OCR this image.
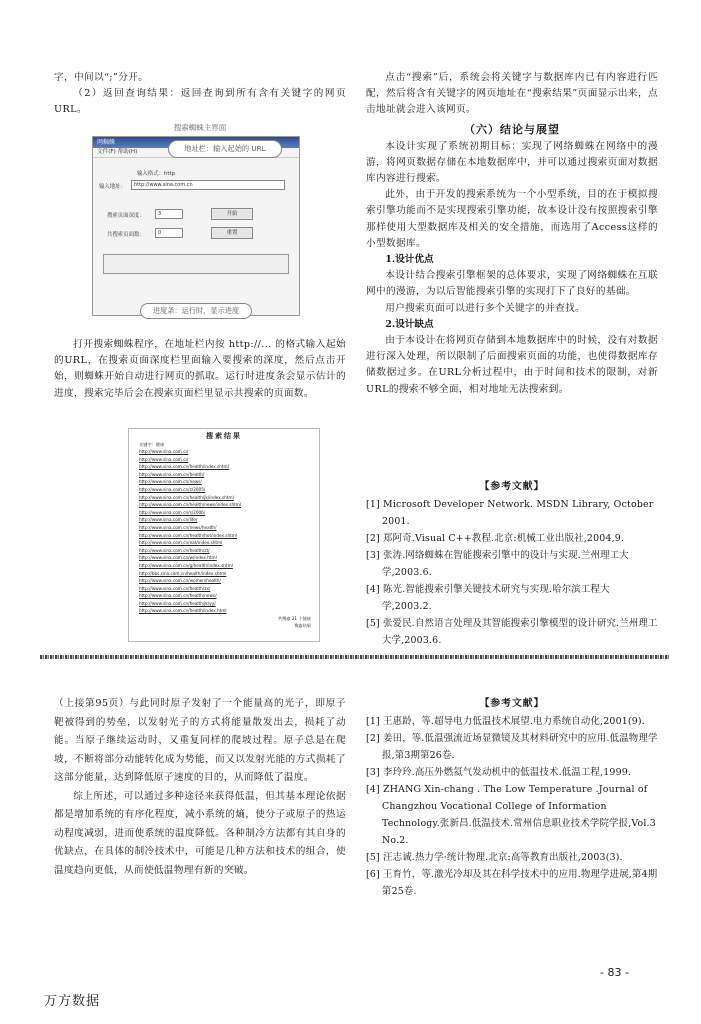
字，中间以“;”分开。
（2）返回查询结果：返回查询到所有含有关键字的网页URL。
搜索蜘蛛主界面
网蜘蛛
文件(F) 帮助(H)
输入格式：http
输入地址：	http://www.sina.com.cn
搜索页面深度：	3	开始
共搜索页面数：	0	重置
地址栏：输入起始的 URL
进度条：运行时，显示进度

打开搜索蜘蛛程序，在地址栏内按 http://... 的格式输入起始的URL，在搜索页面深度栏里面输入要搜索的深度，然后点击开始，则蜘蛛开始自动进行网页的抓取。运行时进度条会显示估计的进度，搜索完毕后会在搜索页面栏里显示共搜索的页面数。

搜索结果
关键字：健康
http://www.sina.com.cn
http://www.sina.com.cn
http://www.sina.com.cn/health/index.shtml
http://www.sina.com.cn/health/
http://www.sina.com.cn/news/
http://www.sina.com.cn/z/2005/
http://www.sina.com.cn/health/jk/index.shtml
http://www.sina.com.cn/health/news/index.shtml
http://www.sina.com.cn/s/2006/
http://www.sina.com.cn/life/
http://www.sina.com.cn/news/health/
http://www.sina.com.cn/health/hot/index.shtml
http://www.sina.com.cn/eat/index.shtml
http://www.sina.com.cn/health/zt/
http://www.sina.com.cn/w/index.html
http://www.sina.com.cn/g/health/index.shtml
http://bbs.sina.com.cn/health/index.shtml
http://www.sina.com.cn/women/health/
http://www.sina.com.cn/health/zx/
http://www.sina.com.cn/health/news/
http://www.sina.com.cn/health/jk/yy/
http://www.sina.com.cn/health/index.html
共搜索 21 个链接
搜索结果

点击“搜索”后，系统会将关键字与数据库内已有内容进行匹配，然后将含有关键字的网页地址在“搜索结果”页面显示出来，点击地址就会进入该网页。

（六）结论与展望

本设计实现了系统初期目标：实现了网络蜘蛛在网络中的漫游，将网页数据存储在本地数据库中，并可以通过搜索页面对数据库内容进行搜索。

此外，由于开发的搜索系统为一个小型系统，目的在于模拟搜索引擎功能而不是实现搜索引擎功能，故本设计没有按照搜索引擎那样使用大型数据库及相关的安全措施，而选用了Access这样的小型数据库。

1.设计优点

本设计结合搜索引擎框架的总体要求，实现了网络蜘蛛在互联网中的漫游，为以后智能搜索引擎的实现打下了良好的基础。

用户搜索页面可以进行多个关键字的并查找。

2.设计缺点

由于本设计在将网页存储到本地数据库中的时候，没有对数据进行深入处理，所以限制了后面搜索页面的功能，也使得数据库存储数据过多。在URL分析过程中，由于时间和技术的限制，对新URL的搜索不够全面，相对地址无法搜索到。

【参考文献】
[1] Microsoft Developer Network. MSDN Library, October 2001.
[2] 郑阿奇.Visual C++教程.北京:机械工业出版社,2004,9.
[3] 张涛.网络蜘蛛在智能搜索引擎中的设计与实现.兰州理工大学,2003.6.
[4] 陈光.智能搜索引擎关键技术研究与实现.哈尔滨工程大学,2003.2.
[5] 张爱民.自然语言处理及其智能搜索引擎模型的设计研究.兰州理工大学,2003.6.

（上接第95页）与此同时原子发射了一个能量高的光子，即原子靶被得到的势垒，以发射光子的方式将能量散发出去，损耗了动能。当原子继续运动时，又重复同样的爬坡过程。原子总是在爬坡，不断将部分动能转化成为势能，而又以发射光能的方式损耗了这部分能量，达到降低原子速度的目的，从而降低了温度。

综上所述，可以通过多种途径来获得低温，但其基本理论依据都是增加系统的有序化程度，减小系统的熵，使分子或原子的热运动程度减弱，进而使系统的温度降低。各种制冷方法都有其自身的优缺点，在具体的制冷技术中，可能是几种方法和技术的组合，使温度趋向更低，从而使低温物理有新的突破。

【参考文献】
[1] 王惠龄，等.超导电力低温技术展望.电力系统自动化,2001(9).
[2] 姜田，等.低温强流近场显微镜及其材料研究中的应用.低温物理学报,第3期第26卷.
[3] 李玲玲.高压外燃氦气发动机中的低温技术.低温工程,1999.
[4] ZHANG Xin-chang . The Low Temperature .Journal of Changzhou Vocational College of Information Technology.张新昌.低温技术.常州信息职业技术学院学报,Vol.3 No.2.
[5] 汪志诚.热力学·统计物理.北京:高等教育出版社,2003(3).
[6] 王育竹，等.激光冷却及其在科学技术中的应用.物理学进展,第4期第25卷.
- 83 -
万方数据
